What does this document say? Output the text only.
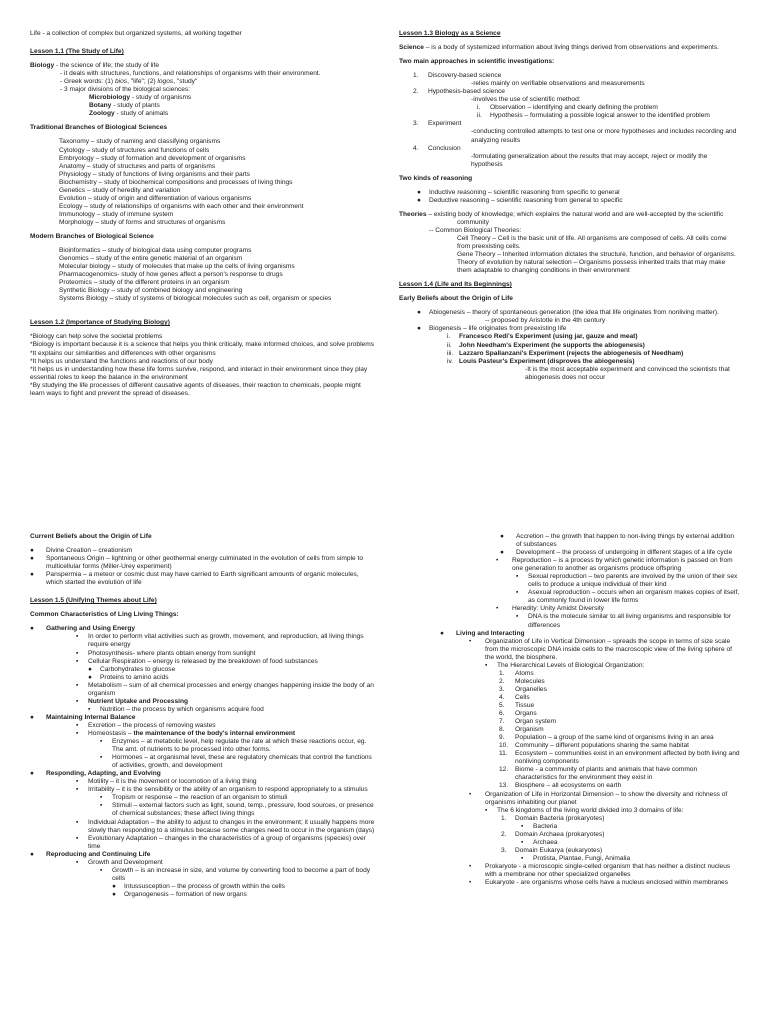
Life - a collection of complex but organized systems, all working together
Lesson 1.1 (The Study of Life)
Biology - the science of life; the study of life
- it deals with structures, functions, and relationships of organisms with their environment.
- Greek words: (1) bios, "life"; (2) logos, "study"
- 3 major divisions of the biological sciences:
Microbiology - study of organisms
Botany - study of plants
Zoology - study of animals
Traditional Branches of Biological Sciences
Taxonomy – study of naming and classifying organisms
Cytology – study of structures and functions of cells
Embryology – study of formation and development of organisms
Anatomy – study of structures and parts of organisms
Physiology – study of functions of living organisms and their parts
Biochemistry – study of biochemical compositions and processes of living things
Genetics – study of heredity and variation
Evolution – study of origin and differentiation of various organisms
Ecology – study of relationships of organisms with each other and their environment
Immunology – study of immune system
Morphology – study of forms and structures of organisms
Modern Branches of Biological Science
Bioinformatics – study of biological data using computer programs
Genomics – study of the entire genetic material of an organism
Molecular biology – study of molecules that make up the cells of living organisms
Pharmacogenomics- study of how genes affect a person's response to drugs
Proteomics – study of the different proteins in an organism
Synthetic Biology – study of combined biology and engineering
Systems Biology – study of systems of biological molecules such as cell, organism or species
Lesson 1.2 (Importance of Studying Biology)
*Biology can help solve the societal problems
*Biology is important because it is a science that helps you think critically, make informed choices, and solve problems
*It explains our similarities and differences with other organisms
*It helps us understand the functions and reactions of our body
*It helps us in understanding how these life forms survive, respond, and interact in their environment since they play essential roles to keep the balance in the environment
*By studying the life processes of different causative agents of diseases, their reaction to chemicals, people might learn ways to fight and prevent the spread of diseases.
Lesson 1.3 Biology as a Science
Science – is a body of systemized information about living things derived from observations and experiments.
Two main approaches in scientific investigations:
1.	Discovery-based science
-relies mainly on verifiable observations and measurements
2.	Hypothesis-based science
-involves the use of scientific method:
i.	Observation – identifying and clearly defining the problem
ii.	Hypothesis – formulating a possible logical answer to the identified problem
3.	Experiment
-conducting controlled attempts to test one or more hypotheses and includes recording and analyzing results
4.	Conclusion
-formulating generalization about the results that may accept, reject or modify the hypothesis
Two kinds of reasoning
●	Inductive reasoning – scientific reasoning from specific to general
●	Deductive reasoning – scientific reasoning from general to specific
Theories – existing body of knowledge; which explains the natural world and are well-accepted by the scientific community
-- Common Biological Theories:
Cell Theory – Cell is the basic unit of life. All organisms are composed of cells. All cells come from preexisting cells.
Gene Theory – Inherited information dictates the structure, function, and behavior of organisms.
Theory of evolution by natural selection – Organisms possess inherited traits that may make them adaptable to changing conditions in their environment
Lesson 1.4 (Life and Its Beginnings)
Early Beliefs about the Origin of Life
●	Abiogenesis – theory of spontaneous generation (the idea that life originates from nonliving matter).
-- proposed by Aristotle in the 4th century
●	Biogenesis – life originates from preexisting life
i.	Francesco Redi's Experiment (using jar, gauze and meat)
ii.	John Needham's Experiment (he supports the abiogenesis)
iii. Lazzaro Spallanzani's Experiment (rejects the abiogenesis of Needham)
iv. Louis Pasteur's Experiment (disproves the abiogenesis)
-It is the most acceptable experiment and convinced the scientists that abiogenesis does not occur
Current Beliefs about the Origin of Life
●	Divine Creation – creationism
●	Spontaneous Origin – lightning or other geothermal energy culminated in the evolution of cells from simple to multicellular forms (Miller-Urey experiment)
●	Panspermia – a meteor or cosmic dust may have carried to Earth significant amounts of organic molecules, which started the evolution of life
Lesson 1.5 (Unifying Themes about Life)
Common Characteristics of Ling Living Things:
●	Gathering and Using Energy
▪	In order to perform vital activities such as growth, movement, and reproduction, all living things require energy
▪	Photosynthesis- where plants obtain energy from sunlight
▪	Cellular Respiration – energy is released by the breakdown of food substances
●	Carbohydrates to glucose
●	Proteins to amino acids
▪	Metabolism – sum of all chemical processes and energy changes happening inside the body of an organism
▪	Nutrient Uptake and Processing
▪	Nutrition – the process by which organisms acquire food
●	Maintaining Internal Balance
▪	Excretion – the process of removing wastes
▪	Homeostasis – the maintenance of the body's internal environment
▪	Enzymes – at metabolic level, help regulate the rate at which these reactions occur, eg. The amt. of nutrients to be processed into other forms.
▪	Hormones – at organismal level, these are regulatory chemicals that control the functions of activities, growth, and development
●	Responding, Adapting, and Evolving
▪	Motility – it is the movement or locomotion of a living thing
▪	Irritability – it is the sensibility or the ability of an organism to respond appropriately to a stimulus
▪	Tropism or response – the reaction of an organism to stimuli
▪	Stimuli – external factors such as light, sound, temp., pressure, food sources, or presence of chemical substances; these affect living things
▪	Individual Adaptation – the ability to adjust to changes in the environment; it usually happens more slowly than responding to a stimulus because some changes need to occur in the organism (days)
▪	Evolutionary Adaptation – changes in the characteristics of a group of organisms (species) over time
●	Reproducing and Continuing Life
▪	Growth and Development
▪	Growth – is an increase in size, and volume by converting food to become a part of body cells
●	Intussusception – the process of growth within the cells
●	Organogenesis – formation of new organs
●	Accretion – the growth that happen to non-living things by external addition of substances
●	Development – the process of undergoing in different stages of a life cycle
•	Reproduction – is a process by which genetic information is passed on from one generation to another as organisms produce offspring
▪	Sexual reproduction – two parents are involved by the union of their sex cells to produce a unique individual of their kind
▪	Asexual reproduction – occurs when an organism makes copies of itself, as commonly found in lower life forms
•	Heredity: Unity Amidst Diversity
▪	DNA is the molecule similar to all living organisms and responsible for differences
●	Living and Interacting
•	Organization of Life in Vertical Dimension – spreads the scope in terms of size scale from the microscopic DNA inside cells to the macroscopic view of the living sphere of the world, the biosphere.
▪	The Hierarchical Levels of Biological Organization:
1.	Atoms
2.	Molecules
3.	Organelles
4.	Cells
5.	Tissue
6.	Organs
7.	Organ system
8.	Organism
9.	Population – a group of the same kind of organisms living in an area
10.	Community – different populations sharing the same habitat
11.	Ecosystem – communities exist in an environment affected by both living and nonliving components
12.	Biome - a community of plants and animals that have common characteristics for the environment they exist in
13.	Biosphere – all ecosystems on earth
•	Organization of Life in Horizontal Dimension – to show the diversity and richness of organisms inhabiting our planet
▪	The 6 kingdoms of the living world divided into 3 domains of life:
1.	Domain Bacteria (prokaryotes)
▪	Bacteria
2.	Domain Archaea (prokaryotes)
▪	Archaea
3.	Domain Eukarya (eukaryotes)
▪	Protista, Plantae, Fungi, Animalia
•	Prokaryote - a microscopic single-celled organism that has neither a distinct nucleus with a membrane nor other specialized organelles
•	Eukaryote - are organisms whose cells have a nucleus enclosed within membranes
